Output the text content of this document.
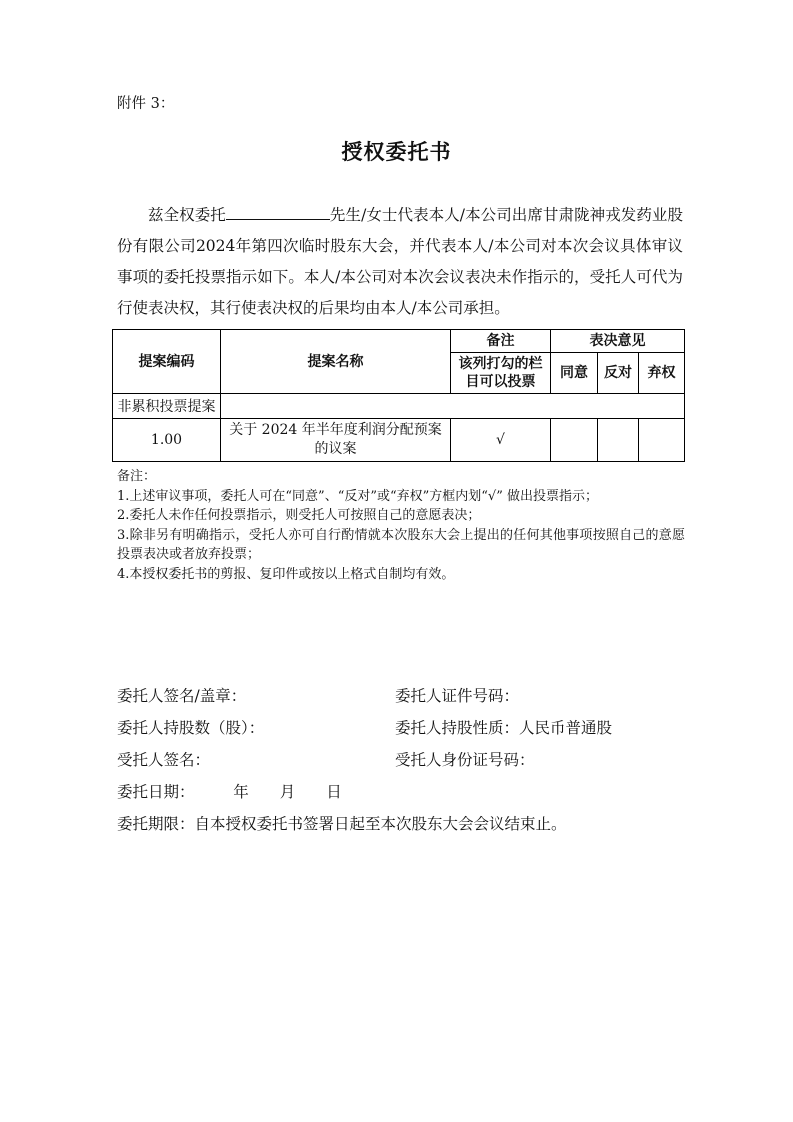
附件 3：
授权委托书

兹全权委托	先生/女士代表本人/本公司出席甘肃陇神戎发药业股份有限公司2024年第四次临时股东大会，并代表本人/本公司对本次会议具体审议事项的委托投票指示如下。本人/本公司对本次会议表决未作指示的，受托人可代为行使表决权，其行使表决权的后果均由本人/本公司承担。

提案编码	提案名称	备注	表决意见		
		该列打勾的栏目可以投票	同意	反对	弃权
非累积投票提案					
1.00	关于 2024 年半年度利润分配预案的议案	√			
备注：
1.上述审议事项，委托人可在“同意”、“反对”或“弃权”方框内划“√” 做出投票指示；
2.委托人未作任何投票指示，则受托人可按照自己的意愿表决；
3.除非另有明确指示，受托人亦可自行酌情就本次股东大会上提出的任何其他事项按照自己的意愿投票表决或者放弃投票；
4.本授权委托书的剪报、复印件或按以上格式自制均有效。
委托人签名/盖章：	委托人证件号码：
委托人持股数（股）：	委托人持股性质：人民币普通股
受托人签名：	受托人身份证号码：
委托日期：　　　年　　月　　日
委托期限：自本授权委托书签署日起至本次股东大会会议结束止。
